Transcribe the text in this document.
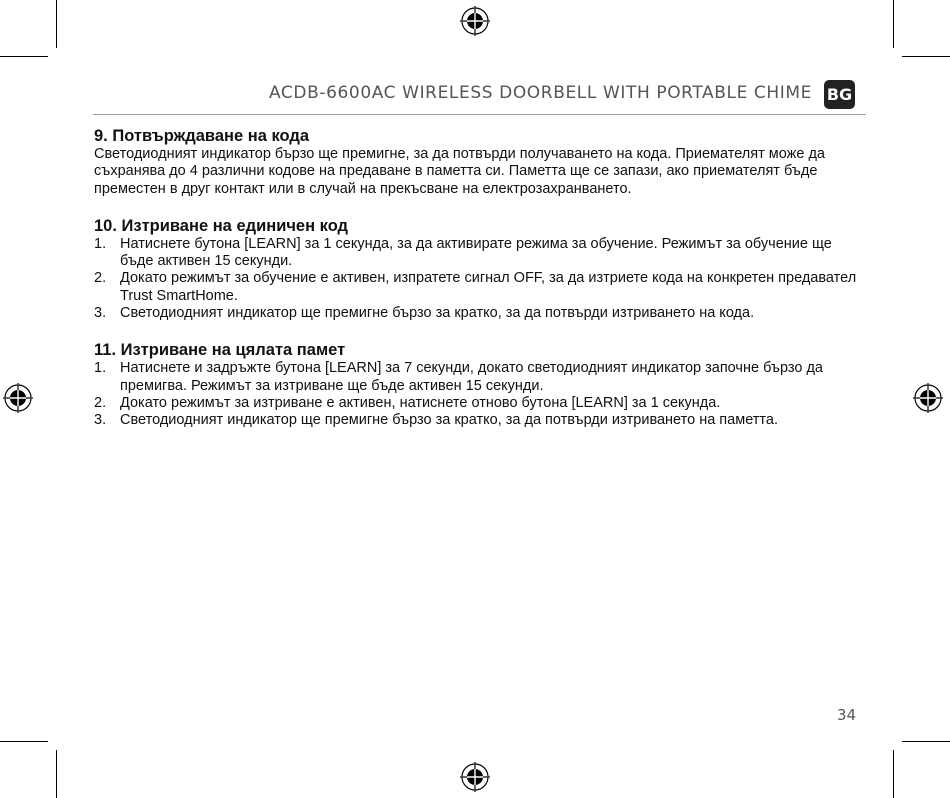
ACDB-6600AC WIRELESS DOORBELL WITH PORTABLE CHIME BG
9. Потвърждаване на кода

Светодиодният индикатор бързо ще премигне, за да потвърди получаването на кода. Приемателят може да съхранява до 4 различни кодове на предаване в паметта си. Паметта ще се запази, ако приемателят бъде преместен в друг контакт или в случай на прекъсване на електрозахранването.

10. Изтриване на единичен код
1. Натиснете бутона [LEARN] за 1 секунда, за да активирате режима за обучение. Режимът за обучение ще бъде активен 15 секунди.
2. Докато режимът за обучение е активен, изпратете сигнал OFF, за да изтриете кода на конкретен предавател Trust SmartHome.
3. Светодиодният индикатор ще премигне бързо за кратко, за да потвърди изтриването на кода.
11. Изтриване на цялата памет
1. Натиснете и задръжте бутона [LEARN] за 7 секунди, докато светодиодният индикатор започне бързо да премигва. Режимът за изтриване ще бъде активен 15 секунди.
2. Докато режимът за изтриване е активен, натиснете отново бутона [LEARN] за 1 секунда.
3. Светодиодният индикатор ще премигне бързо за кратко, за да потвърди изтриването на паметта.
34
